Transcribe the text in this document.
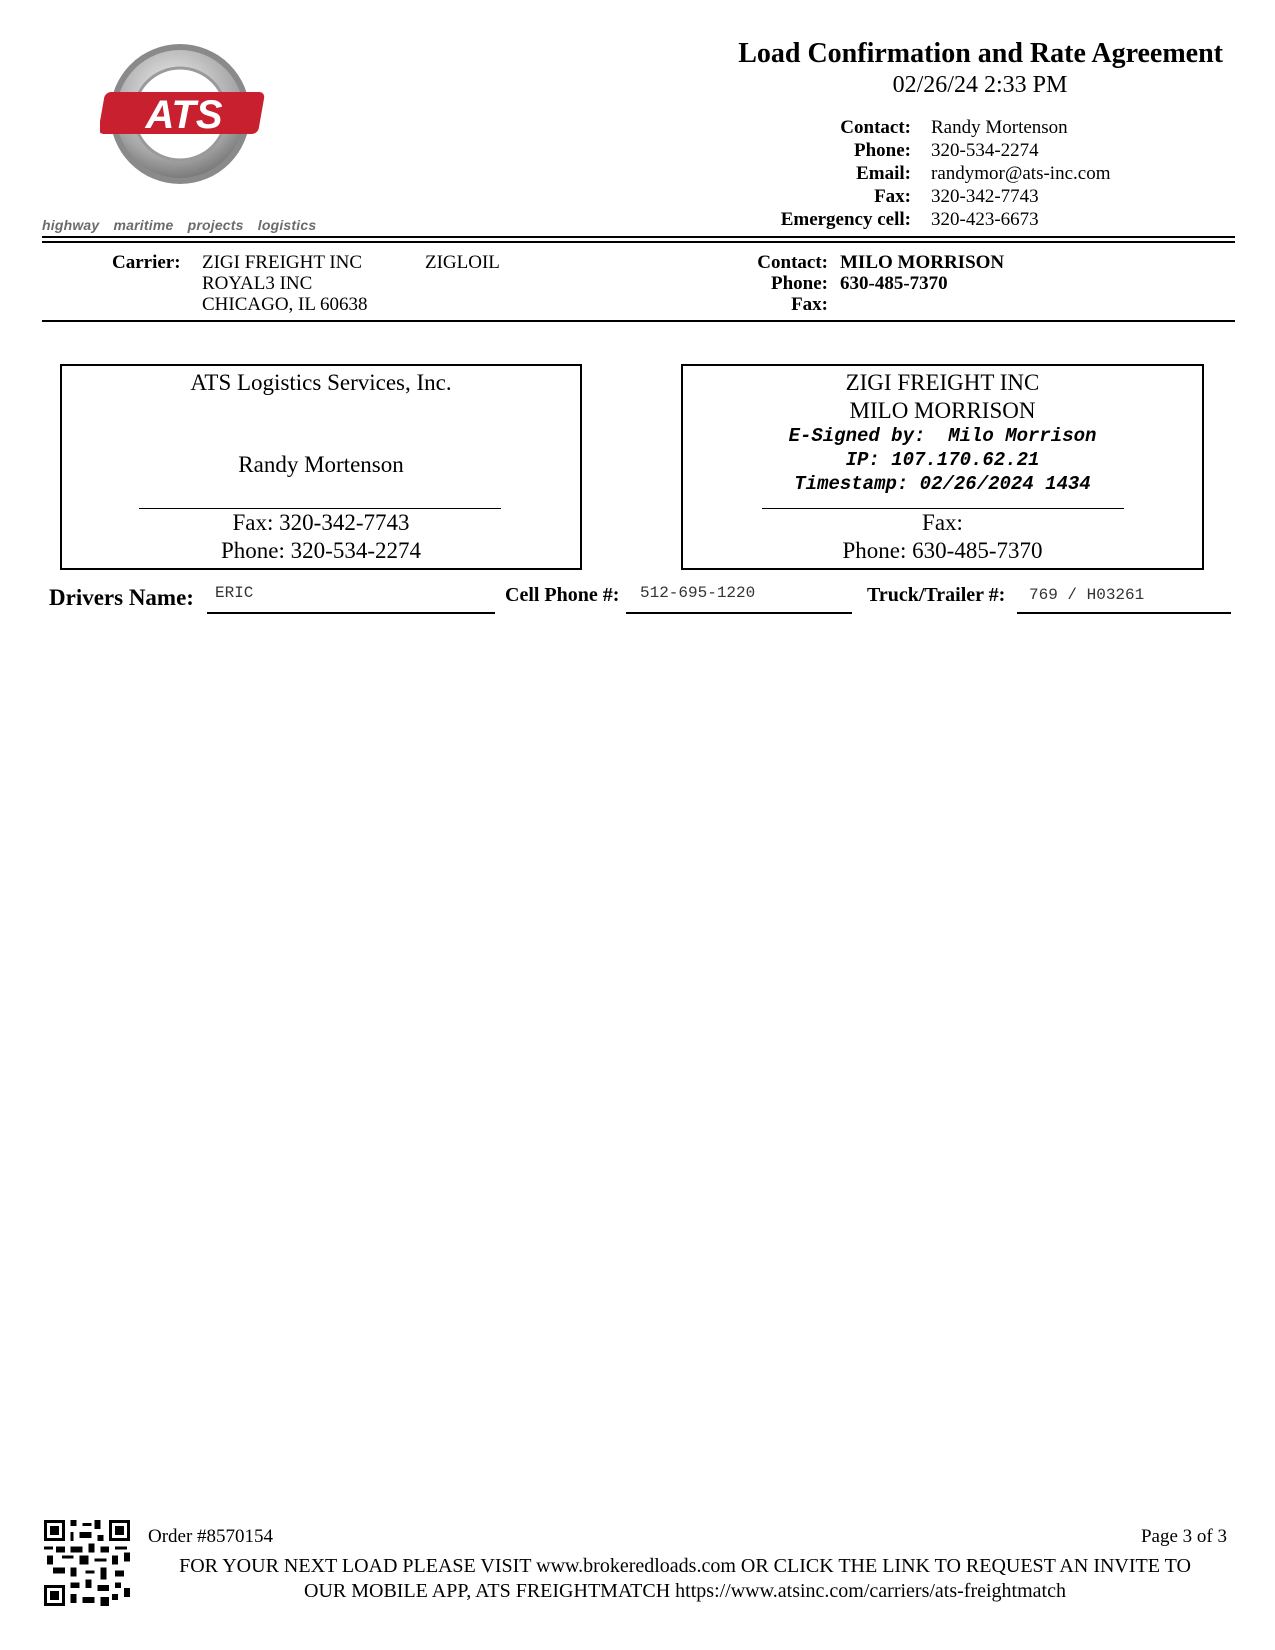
ATS
highway maritime projects logistics
Load Confirmation and Rate Agreement
02/26/24 2:33 PM
Contact:	Randy Mortenson
Phone:	320-534-2274
Email:	randymor@ats-inc.com
Fax:	320-342-7743
Emergency cell:	320-423-6673
Carrier: ZIGI FREIGHT INC
ROYAL3 INC
CHICAGO, IL 60638
ZIGLOIL	Contact: MILO MORRISON
Phone: 630-485-7370
Fax:
ATS Logistics Services, Inc.
Randy Mortenson
Fax: 320-342-7743
Phone: 320-534-2274
ZIGI FREIGHT INC
MILO MORRISON
E-Signed by:  Milo Morrison
IP: 107.170.62.21
Timestamp: 02/26/2024 1434
Fax:
Phone: 630-485-7370
Drivers Name: ERIC	Cell Phone #: 512-695-1220	Truck/Trailer #: 769 / H03261
Order #8570154	Page 3 of 3
FOR YOUR NEXT LOAD PLEASE VISIT www.brokeredloads.com OR CLICK THE LINK TO REQUEST AN INVITE TO
OUR MOBILE APP, ATS FREIGHTMATCH https://www.atsinc.com/carriers/ats-freightmatch
